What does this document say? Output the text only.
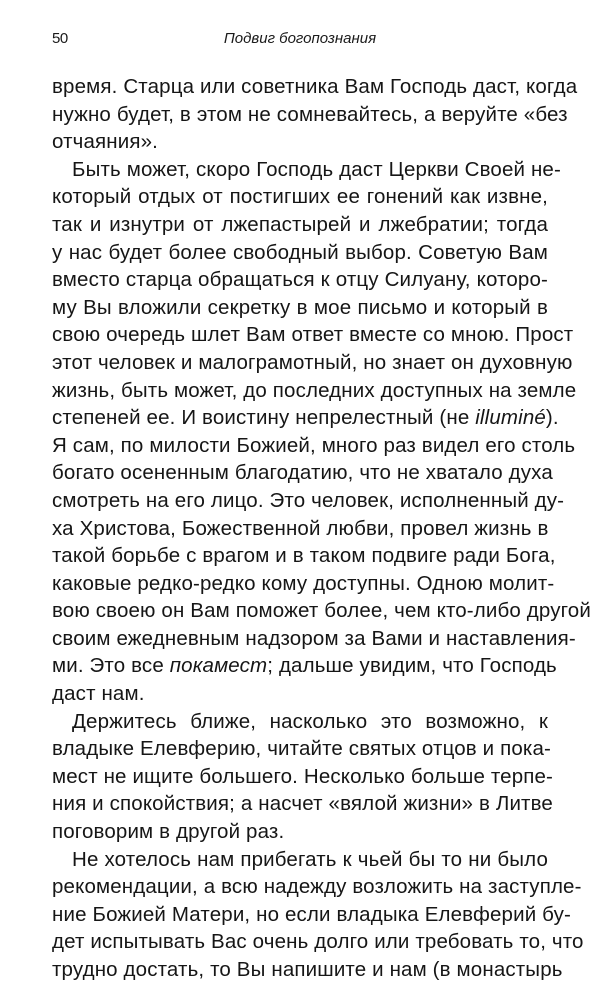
50	Подвиг богопознания
время. Старца или советника Вам Господь даст, когда
нужно будет, в этом не сомневайтесь, а веруйте «без
отчаяния».
Быть может, скоро Господь даст Церкви Своей не-
который отдых от постигших ее гонений как извне,
так и изнутри от лжепастырей и лжебратии; тогда
у нас будет более свободный выбор. Советую Вам
вместо старца обращаться к отцу Силуану, которо-
му Вы вложили секретку в мое письмо и который в
свою очередь шлет Вам ответ вместе со мною. Прост
этот человек и малограмотный, но знает он духовную
жизнь, быть может, до последних доступных на земле
степеней ее. И воистину непрелестный (не illuminé).
Я сам, по милости Божией, много раз видел его столь
богато осененным благодатию, что не хватало духа
смотреть на его лицо. Это человек, исполненный ду-
ха Христова, Божественной любви, провел жизнь в
такой борьбе с врагом и в таком подвиге ради Бога,
каковые редко-редко кому доступны. Одною молит-
вою своею он Вам поможет более, чем кто-либо другой
своим ежедневным надзором за Вами и наставления-
ми. Это все покамест; дальше увидим, что Господь
даст нам.
Держитесь ближе, насколько это возможно, к
владыке Елевферию, читайте святых отцов и пока-
мест не ищите большего. Несколько больше терпе-
ния и спокойствия; а насчет «вялой жизни» в Литве
поговорим в другой раз.
Не хотелось нам прибегать к чьей бы то ни было
рекомендации, а всю надежду возложить на заступле-
ние Божией Матери, но если владыка Елевферий бу-
дет испытывать Вас очень долго или требовать то, что
трудно достать, то Вы напишите и нам (в монастырь
